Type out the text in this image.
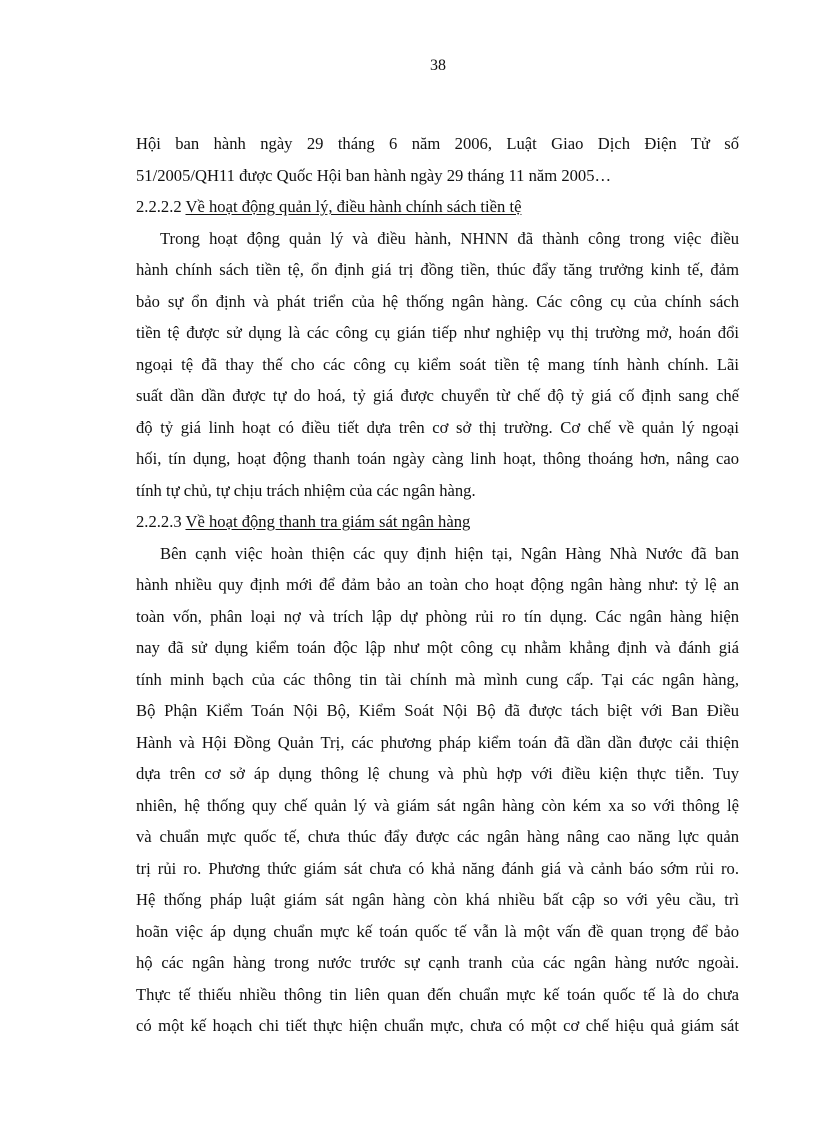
38
Hội ban hành ngày 29 tháng 6 năm 2006, Luật Giao Dịch Điện Tử số
51/2005/QH11 được Quốc Hội ban hành ngày 29 tháng 11 năm 2005…
2.2.2.2 Về hoạt động quản lý, điều hành chính sách tiền tệ
Trong hoạt động quản lý và điều hành, NHNN đã thành công trong việc điều
hành chính sách tiền tệ, ổn định giá trị đồng tiền, thúc đẩy tăng trưởng kinh tế, đảm
bảo sự ổn định và phát triển của hệ thống ngân hàng. Các công cụ của chính sách
tiền tệ được sử dụng là các công cụ gián tiếp như nghiệp vụ thị trường mở, hoán đổi
ngoại tệ đã thay thế cho các công cụ kiểm soát tiền tệ mang tính hành chính. Lãi
suất dần dần được tự do hoá, tỷ giá được chuyển từ chế độ tỷ giá cố định sang chế
độ tỷ giá linh hoạt có điều tiết dựa trên cơ sở thị trường. Cơ chế về quản lý ngoại
hối, tín dụng, hoạt động thanh toán ngày càng linh hoạt, thông thoáng hơn, nâng cao
tính tự chủ, tự chịu trách nhiệm của các ngân hàng.
2.2.2.3 Về hoạt động thanh tra giám sát ngân hàng
Bên cạnh việc hoàn thiện các quy định hiện tại, Ngân Hàng Nhà Nước đã ban
hành nhiều quy định mới để đảm bảo an toàn cho hoạt động ngân hàng như: tỷ lệ an
toàn vốn, phân loại nợ và trích lập dự phòng rủi ro tín dụng. Các ngân hàng hiện
nay đã sử dụng kiểm toán độc lập như một công cụ nhằm khẳng định và đánh giá
tính minh bạch của các thông tin tài chính mà mình cung cấp. Tại các ngân hàng,
Bộ Phận Kiểm Toán Nội Bộ, Kiểm Soát Nội Bộ đã được tách biệt với Ban Điều
Hành và Hội Đồng Quản Trị, các phương pháp kiểm toán đã dần dần được cải thiện
dựa trên cơ sở áp dụng thông lệ chung và phù hợp với điều kiện thực tiễn. Tuy
nhiên, hệ thống quy chế quản lý và giám sát ngân hàng còn kém xa so với thông lệ
và chuẩn mực quốc tế, chưa thúc đẩy được các ngân hàng nâng cao năng lực quản
trị rủi ro. Phương thức giám sát chưa có khả năng đánh giá và cảnh báo sớm rủi ro.
Hệ thống pháp luật giám sát ngân hàng còn khá nhiều bất cập so với yêu cầu, trì
hoãn việc áp dụng chuẩn mực kế toán quốc tế vẫn là một vấn đề quan trọng để bảo
hộ các ngân hàng trong nước trước sự cạnh tranh của các ngân hàng nước ngoài.
Thực tế thiếu nhiều thông tin liên quan đến chuẩn mực kế toán quốc tế là do chưa
có một kế hoạch chi tiết thực hiện chuẩn mực, chưa có một cơ chế hiệu quả giám sát
